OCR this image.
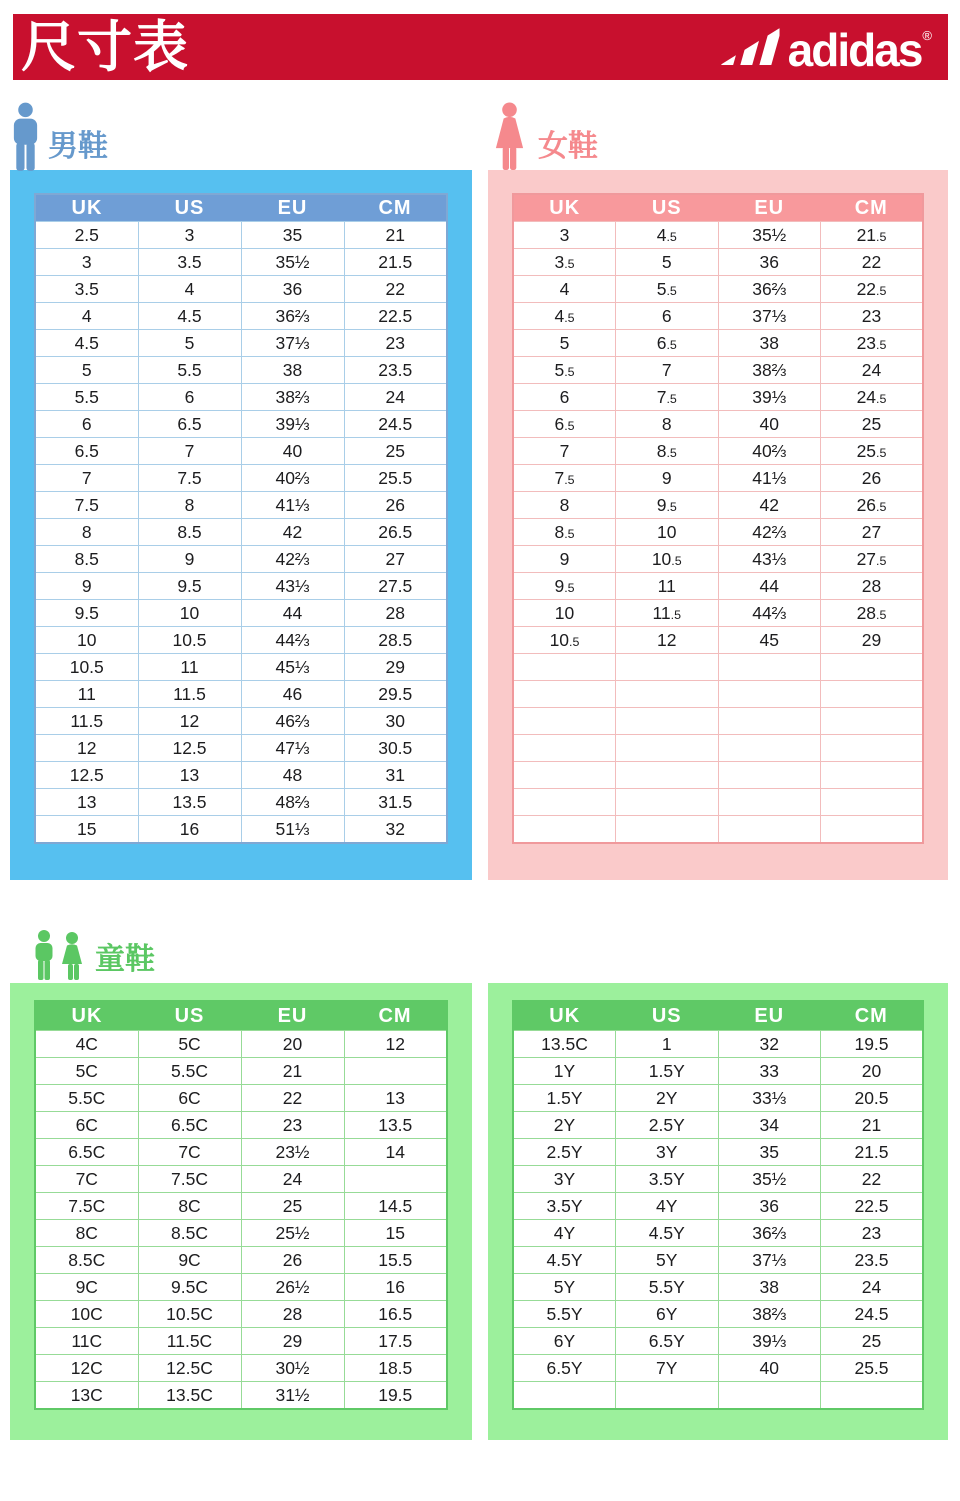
尺寸表	adidas ®
男鞋
UK	US	EU	CM
2.5	3	35	21
3	3.5	35½	21.5
3.5	4	36	22
4	4.5	36⅔	22.5
4.5	5	37⅓	23
5	5.5	38	23.5
5.5	6	38⅔	24
6	6.5	39⅓	24.5
6.5	7	40	25
7	7.5	40⅔	25.5
7.5	8	41⅓	26
8	8.5	42	26.5
8.5	9	42⅔	27
9	9.5	43⅓	27.5
9.5	10	44	28
10	10.5	44⅔	28.5
10.5	11	45⅓	29
11	11.5	46	29.5
11.5	12	46⅔	30
12	12.5	47⅓	30.5
12.5	13	48	31
13	13.5	48⅔	31.5
15	16	51⅓	32
女鞋
UK	US	EU	CM
3	4.5	35½	21.5
3.5	5	36	22
4	5.5	36⅔	22.5
4.5	6	37⅓	23
5	6.5	38	23.5
5.5	7	38⅔	24
6	7.5	39⅓	24.5
6.5	8	40	25
7	8.5	40⅔	25.5
7.5	9	41⅓	26
8	9.5	42	26.5
8.5	10	42⅔	27
9	10.5	43⅓	27.5
9.5	11	44	28
10	11.5	44⅔	28.5
10.5	12	45	29

童鞋
UK	US	EU	CM
4C	5C	20	12
5C	5.5C	21	
5.5C	6C	22	13
6C	6.5C	23	13.5
6.5C	7C	23½	14
7C	7.5C	24	
7.5C	8C	25	14.5
8C	8.5C	25½	15
8.5C	9C	26	15.5
9C	9.5C	26½	16
10C	10.5C	28	16.5
11C	11.5C	29	17.5
12C	12.5C	30½	18.5
13C	13.5C	31½	19.5
UK	US	EU	CM
13.5C	1	32	19.5
1Y	1.5Y	33	20
1.5Y	2Y	33⅓	20.5
2Y	2.5Y	34	21
2.5Y	3Y	35	21.5
3Y	3.5Y	35½	22
3.5Y	4Y	36	22.5
4Y	4.5Y	36⅔	23
4.5Y	5Y	37⅓	23.5
5Y	5.5Y	38	24
5.5Y	6Y	38⅔	24.5
6Y	6.5Y	39⅓	25
6.5Y	7Y	40	25.5
